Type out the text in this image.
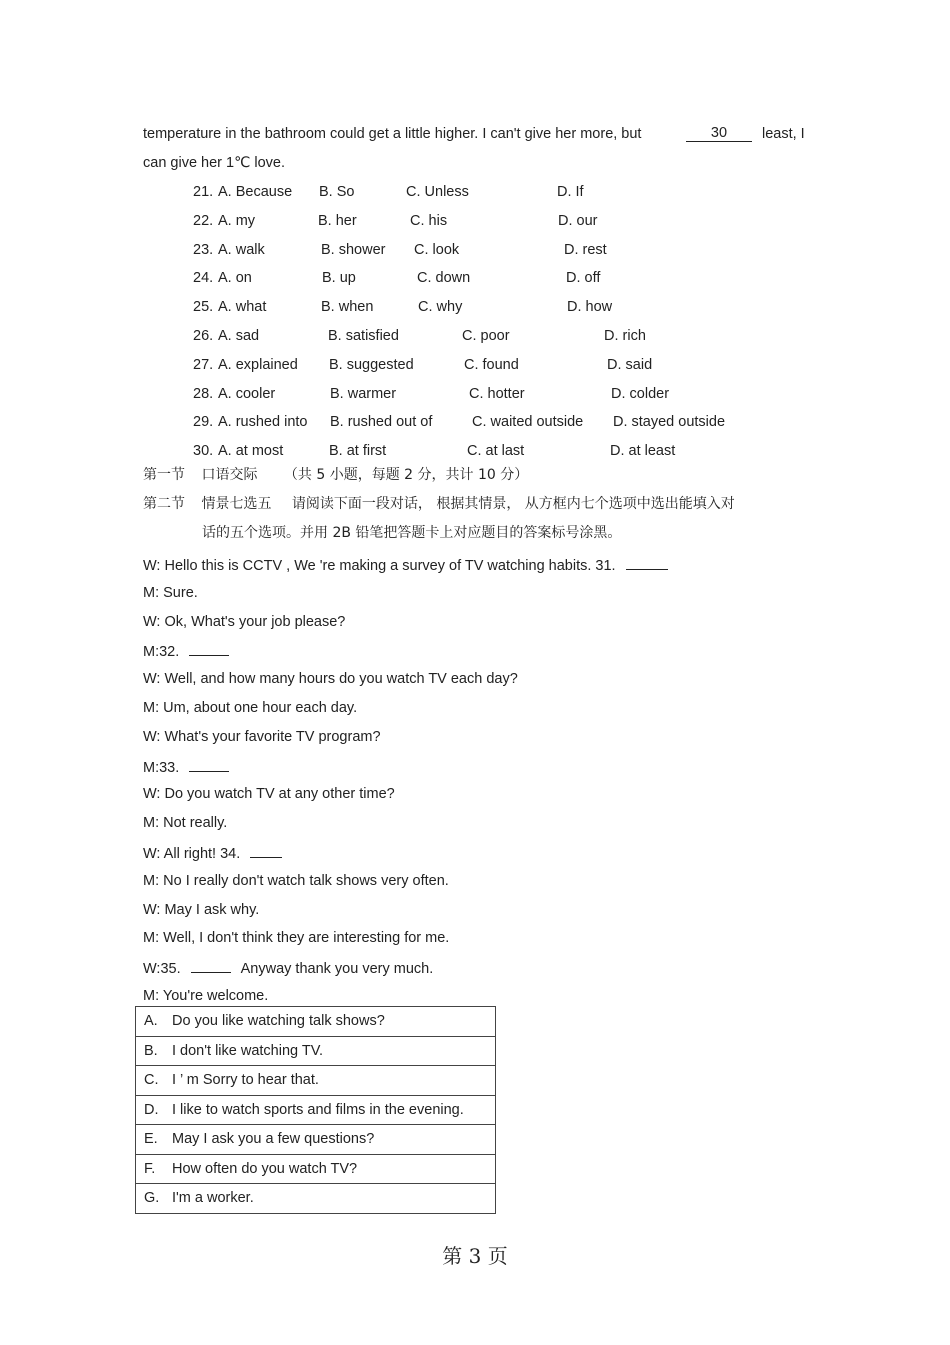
temperature in the bathroom could get a little higher. I can't give her more, but	30	least, I
can give her 1℃ love.
21. A. Because B. So	C. Unless	D. If
22. A. my	B. her	C. his	D. our
23. A. walk	B. shower C. look	D. rest
24. A. on	B. up	C. down	D. off
25. A. what	B. when	C. why	D. how
26. A. sad	B. satisfied	C. poor	D. rich
27. A. explained B. suggested	C. found	D. said
28. A. cooler	B. warmer	C. hotter	D. colder
29. A. rushed into B. rushed out of	C. waited outside D. stayed outside
30. A. at most	B. at first	C. at last	D. at least
第一节 口语交际 （共 5 小题，每题 2 分，共计 10 分）
第二节 情景七选五 请阅读下面一段对话， 根据其情景， 从方框内七个选项中选出能填入对
话的五个选项。并用 2B 铅笔把答题卡上对应题目的答案标号涂黑。
W: Hello this is CCTV , We 're making a survey of TV watching habits. 31.
M: Sure.
W: Ok, What's your job please?
M:32.
W: Well, and how many hours do you watch TV each day?
M: Um, about one hour each day.
W: What's your favorite TV program?
M:33.
W: Do you watch TV at any other time?
M: Not really.
W: All right! 34.
M: No I really don't watch talk shows very often.
W: May I ask why.
M: Well, I don't think they are interesting for me.
W:35.	Anyway thank you very much.
M: You're welcome.
A. Do you like watching talk shows?
B. I don't like watching TV.
C. I ’ m Sorry to hear that.
D. I like to watch sports and films in the evening.
E. May I ask you a few questions?
F. How often do you watch TV?
G. I'm a worker.
第 3 页
